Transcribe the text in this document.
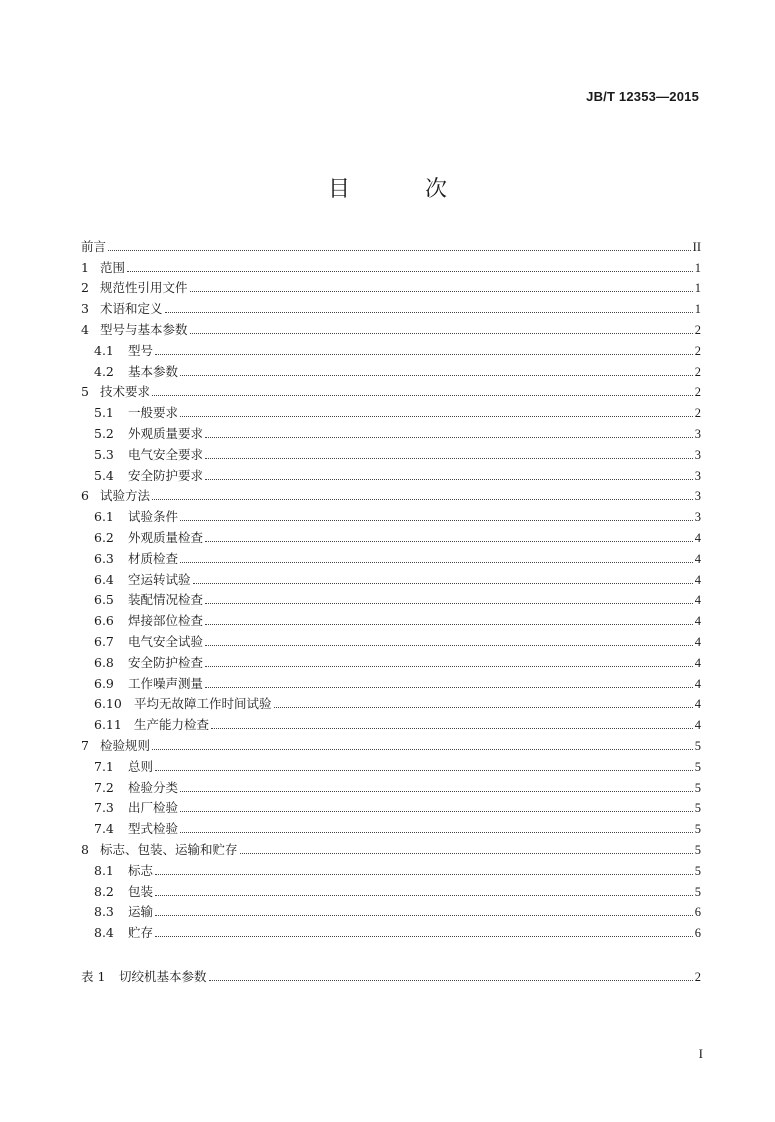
JB/T 12353—2015
目 次
前言	II
1 范围	1
2 规范性引用文件	1
3 术语和定义	1
4 型号与基本参数	2
4.1	型号	2
4.2	基本参数	2
5 技术要求	2
5.1	一般要求	2
5.2	外观质量要求	3
5.3	电气安全要求	3
5.4	安全防护要求	3
6 试验方法	3
6.1	试验条件	3
6.2	外观质量检查	4
6.3	材质检查	4
6.4	空运转试验	4
6.5	装配情况检查	4
6.6	焊接部位检查	4
6.7	电气安全试验	4
6.8	安全防护检查	4
6.9	工作噪声测量	4
6.10 平均无故障工作时间试验	4
6.11 生产能力检查	4
7 检验规则	5
7.1	总则	5
7.2	检验分类	5
7.3	出厂检验	5
7.4	型式检验	5
8 标志、包装、运输和贮存	5
8.1	标志	5
8.2	包装	5
8.3	运输	6
8.4	贮存	6
表 1	切绞机基本参数	2
I
